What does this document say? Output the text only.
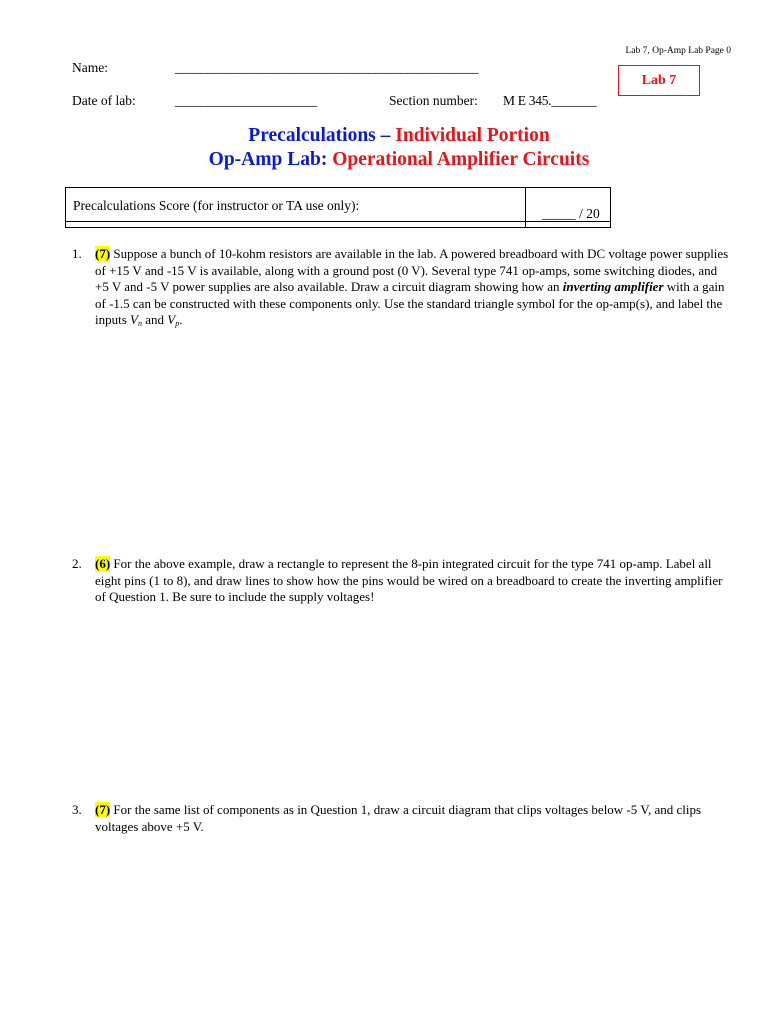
Lab 7, Op-Amp Lab Page 0
Lab 7
Name:	_______________________________________________
Date of lab:	______________________	Section number: M E 345._______
Precalculations – Individual Portion
Op-Amp Lab: Operational Amplifier Circuits
Precalculations Score (for instructor or TA use only):
_____ / 20
1. (7) Suppose a bunch of 10-kohm resistors are available in the lab. A powered breadboard with DC voltage power supplies of +15 V and -15 V is available, along with a ground post (0 V). Several type 741 op-amps, some switching diodes, and +5 V and -5 V power supplies are also available. Draw a circuit diagram showing how an inverting amplifier with a gain of -1.5 can be constructed with these components only. Use the standard triangle symbol for the op-amp(s), and label the inputs $V_n$ and $V_p$.
2. (6) For the above example, draw a rectangle to represent the 8-pin integrated circuit for the type 741 op-amp. Label all eight pins (1 to 8), and draw lines to show how the pins would be wired on a breadboard to create the inverting amplifier of Question 1. Be sure to include the supply voltages!
3. (7) For the same list of components as in Question 1, draw a circuit diagram that clips voltages below -5 V, and clips voltages above +5 V.
